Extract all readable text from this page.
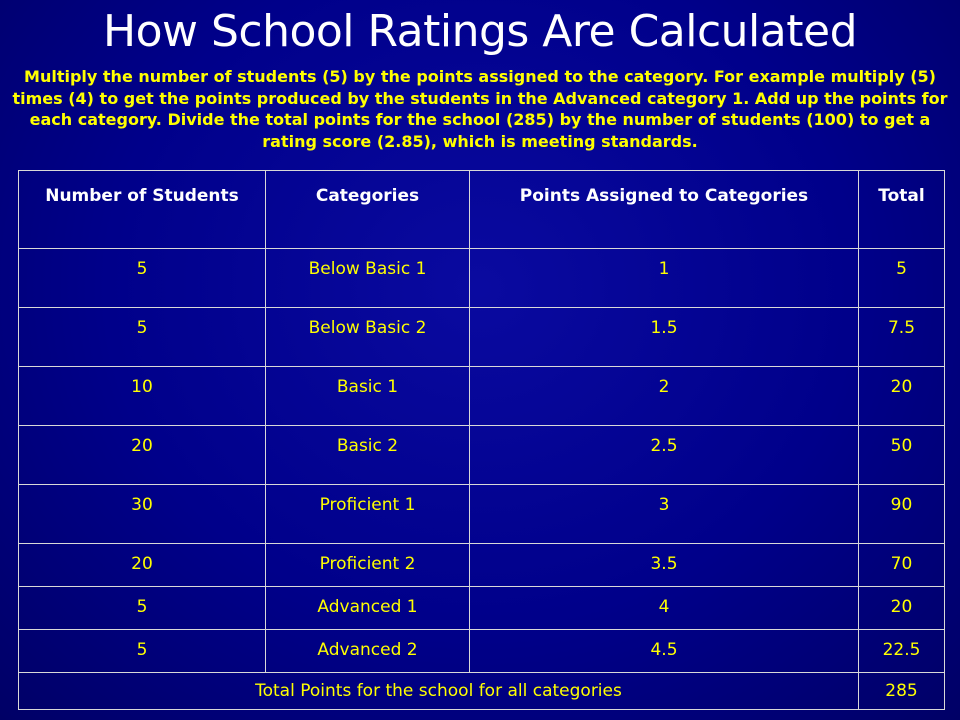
How School Ratings Are Calculated
Multiply the number of students (5) by the points assigned to the category. For example multiply (5) times (4) to get the points produced by the students in the Advanced category 1. Add up the points for each category. Divide the total points for the school (285) by the number of students (100) to get a rating score (2.85), which is meeting standards.
Number of Students	Categories	Points Assigned to Categories	Total
5	Below Basic 1	1	5
5	Below Basic 2	1.5	7.5
10	Basic 1	2	20
20	Basic 2	2.5	50
30	Proficient 1	3	90
20	Proficient 2	3.5	70
5	Advanced 1	4	20
5	Advanced 2	4.5	22.5
Total Points for the school for all categories			285
